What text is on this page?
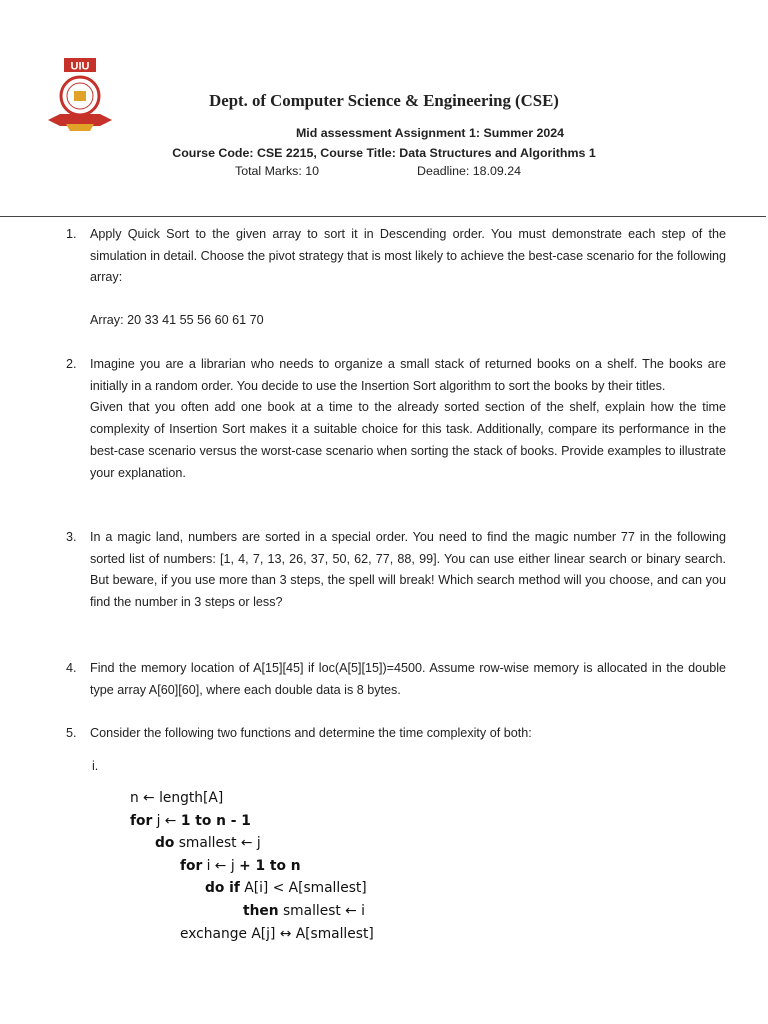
UIU
Dept. of Computer Science & Engineering (CSE)
Mid assessment Assignment 1: Summer 2024
Course Code: CSE 2215, Course Title: Data Structures and Algorithms 1
Total Marks: 10	Deadline: 18.09.24
1.	Apply Quick Sort to the given array to sort it in Descending order. You must demonstrate each step of the simulation in detail. Choose the pivot strategy that is most likely to achieve the best-case scenario for the following array:

Array: 20 33 41 55 56 60 61 70

2.	Imagine you are a librarian who needs to organize a small stack of returned books on a shelf. The books are initially in a random order. You decide to use the Insertion Sort algorithm to sort the books by their titles.

Given that you often add one book at a time to the already sorted section of the shelf, explain how the time complexity of Insertion Sort makes it a suitable choice for this task. Additionally, compare its performance in the best-case scenario versus the worst-case scenario when sorting the stack of books. Provide examples to illustrate your explanation.

3.	In a magic land, numbers are sorted in a special order. You need to find the magic number 77 in the following sorted list of numbers: [1, 4, 7, 13, 26, 37, 50, 62, 77, 88, 99]. You can use either linear search or binary search. But beware, if you use more than 3 steps, the spell will break! Which search method will you choose, and can you find the number in 3 steps or less?

4.	Find the memory location of A[15][45] if loc(A[5][15])=4500. Assume row-wise memory is allocated in the double type array A[60][60], where each double data is 8 bytes.

5.	Consider the following two functions and determine the time complexity of both:

i.
n ← length[A]
for j ← 1 to n - 1
do smallest ← j
for i ← j + 1 to n
do if A[i] < A[smallest]
then smallest ← i
exchange A[j] ↔ A[smallest]
